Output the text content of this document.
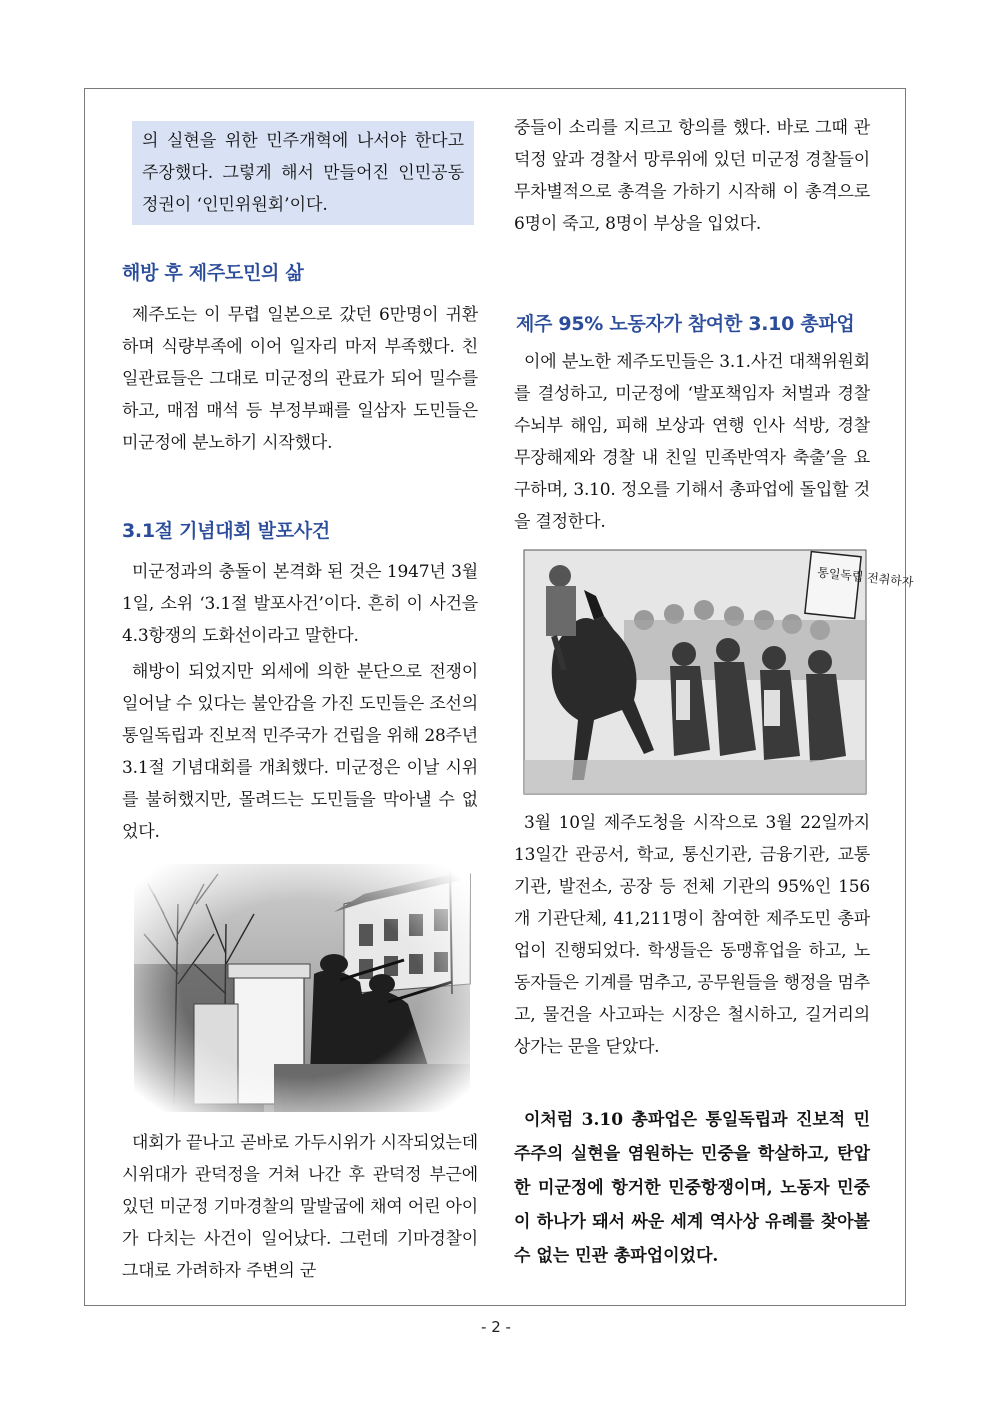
의 실현을 위한 민주개혁에 나서야 한다고 주장했다. 그렇게 해서 만들어진 인민공동정권이 ‘인민위원회’이다.

해방 후 제주도민의 삶

제주도는 이 무렵 일본으로 갔던 6만명이 귀환하며 식량부족에 이어 일자리 마저 부족했다. 친일관료들은 그대로 미군정의 관료가 되어 밀수를 하고, 매점 매석 등 부정부패를 일삼자 도민들은 미군정에 분노하기 시작했다.

3.1절 기념대회 발포사건

미군정과의 충돌이 본격화 된 것은 1947년 3월 1일, 소위 ‘3.1절 발포사건’이다. 흔히 이 사건을 4.3항쟁의 도화선이라고 말한다.

해방이 되었지만 외세에 의한 분단으로 전쟁이 일어날 수 있다는 불안감을 가진 도민들은 조선의 통일독립과 진보적 민주국가 건립을 위해 28주년 3.1절 기념대회를 개최했다. 미군정은 이날 시위를 불허했지만, 몰려드는 도민들을 막아낼 수 없었다.

대회가 끝나고 곧바로 가두시위가 시작되었는데 시위대가 관덕정을 거쳐 나간 후 관덕정 부근에 있던 미군정 기마경찰의 말발굽에 채여 어린 아이가 다치는 사건이 일어났다. 그런데 기마경찰이 그대로 가려하자 주변의 군

중들이 소리를 지르고 항의를 했다. 바로 그때 관덕정 앞과 경찰서 망루위에 있던 미군정 경찰들이 무차별적으로 총격을 가하기 시작해 이 총격으로 6명이 죽고, 8명이 부상을 입었다.

제주 95% 노동자가 참여한 3.10 총파업

이에 분노한 제주도민들은 3.1.사건 대책위원회를 결성하고, 미군정에 ‘발포책임자 처벌과 경찰수뇌부 해임, 피해 보상과 연행 인사 석방, 경찰 무장해제와 경찰 내 친일 민족반역자 축출’을 요구하며, 3.10. 정오를 기해서 총파업에 돌입할 것을 결정한다.

통일독립 전취하자

3월 10일 제주도청을 시작으로 3월 22일까지 13일간 관공서, 학교, 통신기관, 금융기관, 교통기관, 발전소, 공장 등 전체 기관의 95%인 156개 기관단체, 41,211명이 참여한 제주도민 총파업이 진행되었다. 학생들은 동맹휴업을 하고, 노동자들은 기계를 멈추고, 공무원들을 행정을 멈추고, 물건을 사고파는 시장은 철시하고, 길거리의 상가는 문을 닫았다.

이처럼 3.10 총파업은 통일독립과 진보적 민주주의 실현을 염원하는 민중을 학살하고, 탄압한 미군정에 항거한 민중항쟁이며, 노동자 민중이 하나가 돼서 싸운 세계 역사상 유례를 찾아볼 수 없는 민관 총파업이었다.

- 2 -
